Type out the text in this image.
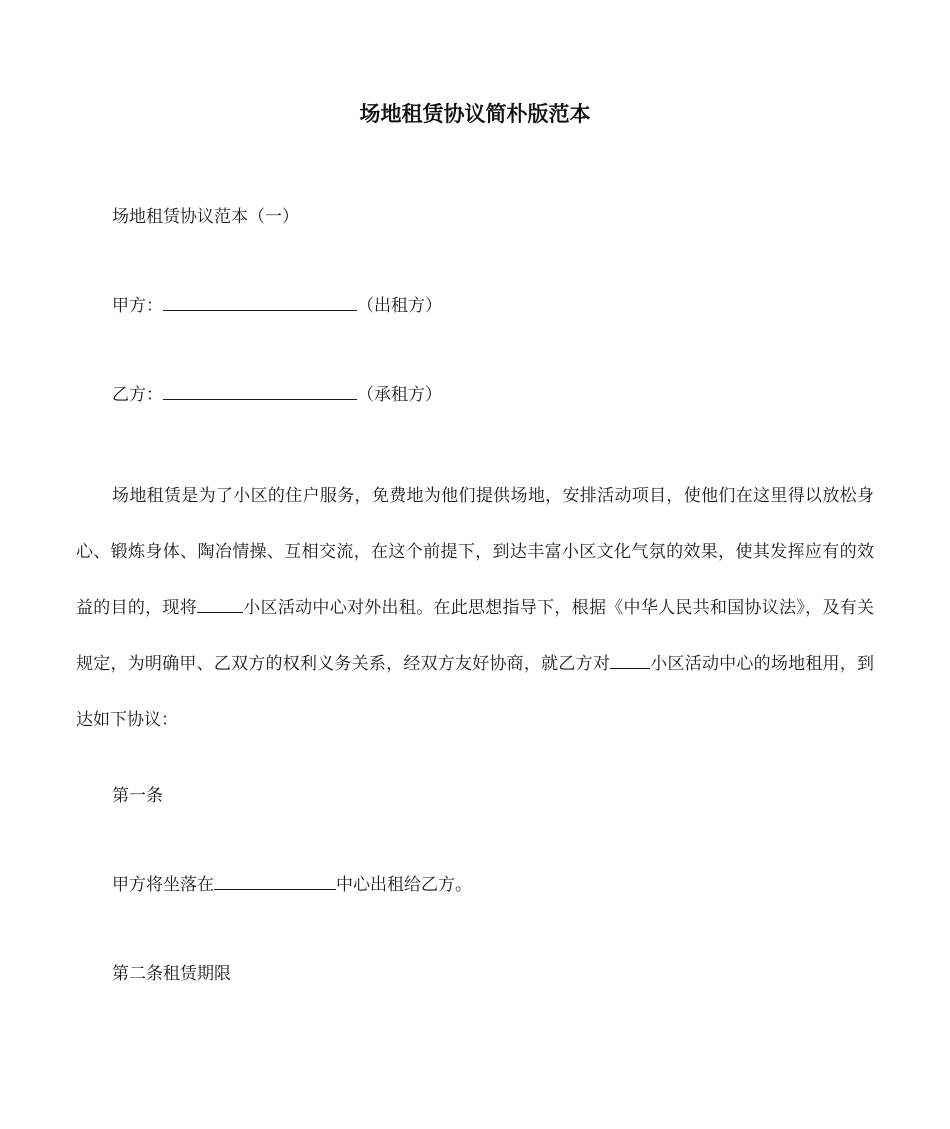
场地租赁协议简朴版范本

场地租赁协议范本（一）

甲方：	（出租方）

乙方：	（承租方）

场地租赁是为了小区的住户服务，免费地为他们提供场地，安排活动项目，使他们在这里得以放松身心、锻炼身体、陶冶情操、互相交流，在这个前提下，到达丰富小区文化气氛的效果，使其发挥应有的效益的目的，现将	小区活动中心对外出租。在此思想指导下，根据《中华人民共和国协议法》，及有关规定，为明确甲、乙双方的权利义务关系，经双方友好协商，就乙方对 小区活动中心的场地租用，到达如下协议：

第一条

甲方将坐落在	中心出租给乙方。

第二条租赁期限
